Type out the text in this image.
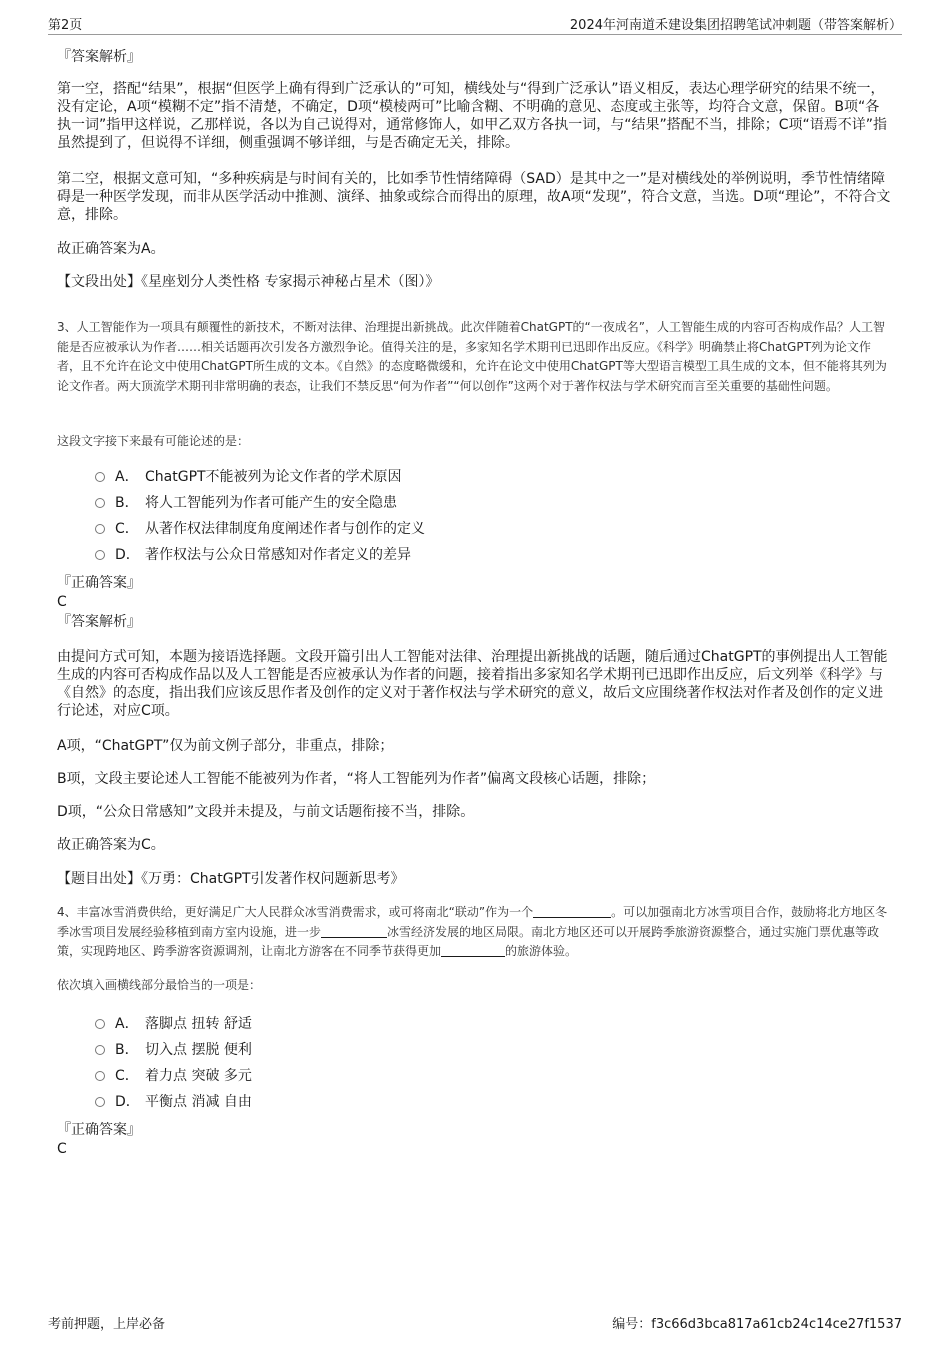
第2页	2024年河南道禾建设集团招聘笔试冲刺题（带答案解析）
『答案解析』
第一空，搭配“结果”，根据“但医学上确有得到广泛承认的”可知，横线处与“得到广泛承认”语义相反，表达心理学研究的结果不统一，没有定论，A项“模糊不定”指不清楚，不确定，D项“模棱两可”比喻含糊、不明确的意见、态度或主张等，均符合文意，保留。B项“各执一词”指甲这样说，乙那样说，各以为自己说得对，通常修饰人，如甲乙双方各执一词，与“结果”搭配不当，排除；C项“语焉不详”指虽然提到了，但说得不详细，侧重强调不够详细，与是否确定无关，排除。
第二空，根据文意可知，“多种疾病是与时间有关的，比如季节性情绪障碍（SAD）是其中之一”是对横线处的举例说明，季节性情绪障碍是一种医学发现，而非从医学活动中推测、演绎、抽象或综合而得出的原理，故A项“发现”，符合文意，当选。D项“理论”，不符合文意，排除。
故正确答案为A。
【文段出处】《星座划分人类性格 专家揭示神秘占星术（图）》
3、人工智能作为一项具有颠覆性的新技术，不断对法律、治理提出新挑战。此次伴随着ChatGPT的“一夜成名”，人工智能生成的内容可否构成作品？人工智能是否应被承认为作者……相关话题再次引发各方激烈争论。值得关注的是，多家知名学术期刊已迅即作出反应。《科学》明确禁止将ChatGPT列为论文作者，且不允许在论文中使用ChatGPT所生成的文本。《自然》的态度略微缓和，允许在论文中使用ChatGPT等大型语言模型工具生成的文本，但不能将其列为论文作者。两大顶流学术期刊非常明确的表态，让我们不禁反思“何为作者”“何以创作”这两个对于著作权法与学术研究而言至关重要的基础性问题。
这段文字接下来最有可能论述的是：
A． ChatGPT不能被列为论文作者的学术原因
B． 将人工智能列为作者可能产生的安全隐患
C． 从著作权法律制度角度阐述作者与创作的定义
D． 著作权法与公众日常感知对作者定义的差异
『正确答案』
C
『答案解析』
由提问方式可知，本题为接语选择题。文段开篇引出人工智能对法律、治理提出新挑战的话题，随后通过ChatGPT的事例提出人工智能生成的内容可否构成作品以及人工智能是否应被承认为作者的问题，接着指出多家知名学术期刊已迅即作出反应，后文列举《科学》与《自然》的态度，指出我们应该反思作者及创作的定义对于著作权法与学术研究的意义，故后文应围绕著作权法对作者及创作的定义进行论述，对应C项。
A项，“ChatGPT”仅为前文例子部分，非重点，排除；
B项，文段主要论述人工智能不能被列为作者，“将人工智能列为作者”偏离文段核心话题，排除；
D项，“公众日常感知”文段并未提及，与前文话题衔接不当，排除。
故正确答案为C。
【题目出处】《万勇：ChatGPT引发著作权问题新思考》
4、丰富冰雪消费供给，更好满足广大人民群众冰雪消费需求，或可将南北“联动”作为一个	。可以加强南北方冰雪项目合作，鼓励将北方地区冬季冰雪项目发展经验移植到南方室内设施，进一步	冰雪经济发展的地区局限。南北方地区还可以开展跨季旅游资源整合，通过实施门票优惠等政策，实现跨地区、跨季游客资源调剂，让南北方游客在不同季节获得更加	的旅游体验。
依次填入画横线部分最恰当的一项是：
A． 落脚点 扭转 舒适
B． 切入点 摆脱 便利
C． 着力点 突破 多元
D． 平衡点 消减 自由
『正确答案』
C
考前押题，上岸必备	编号：f3c66d3bca817a61cb24c14ce27f1537
